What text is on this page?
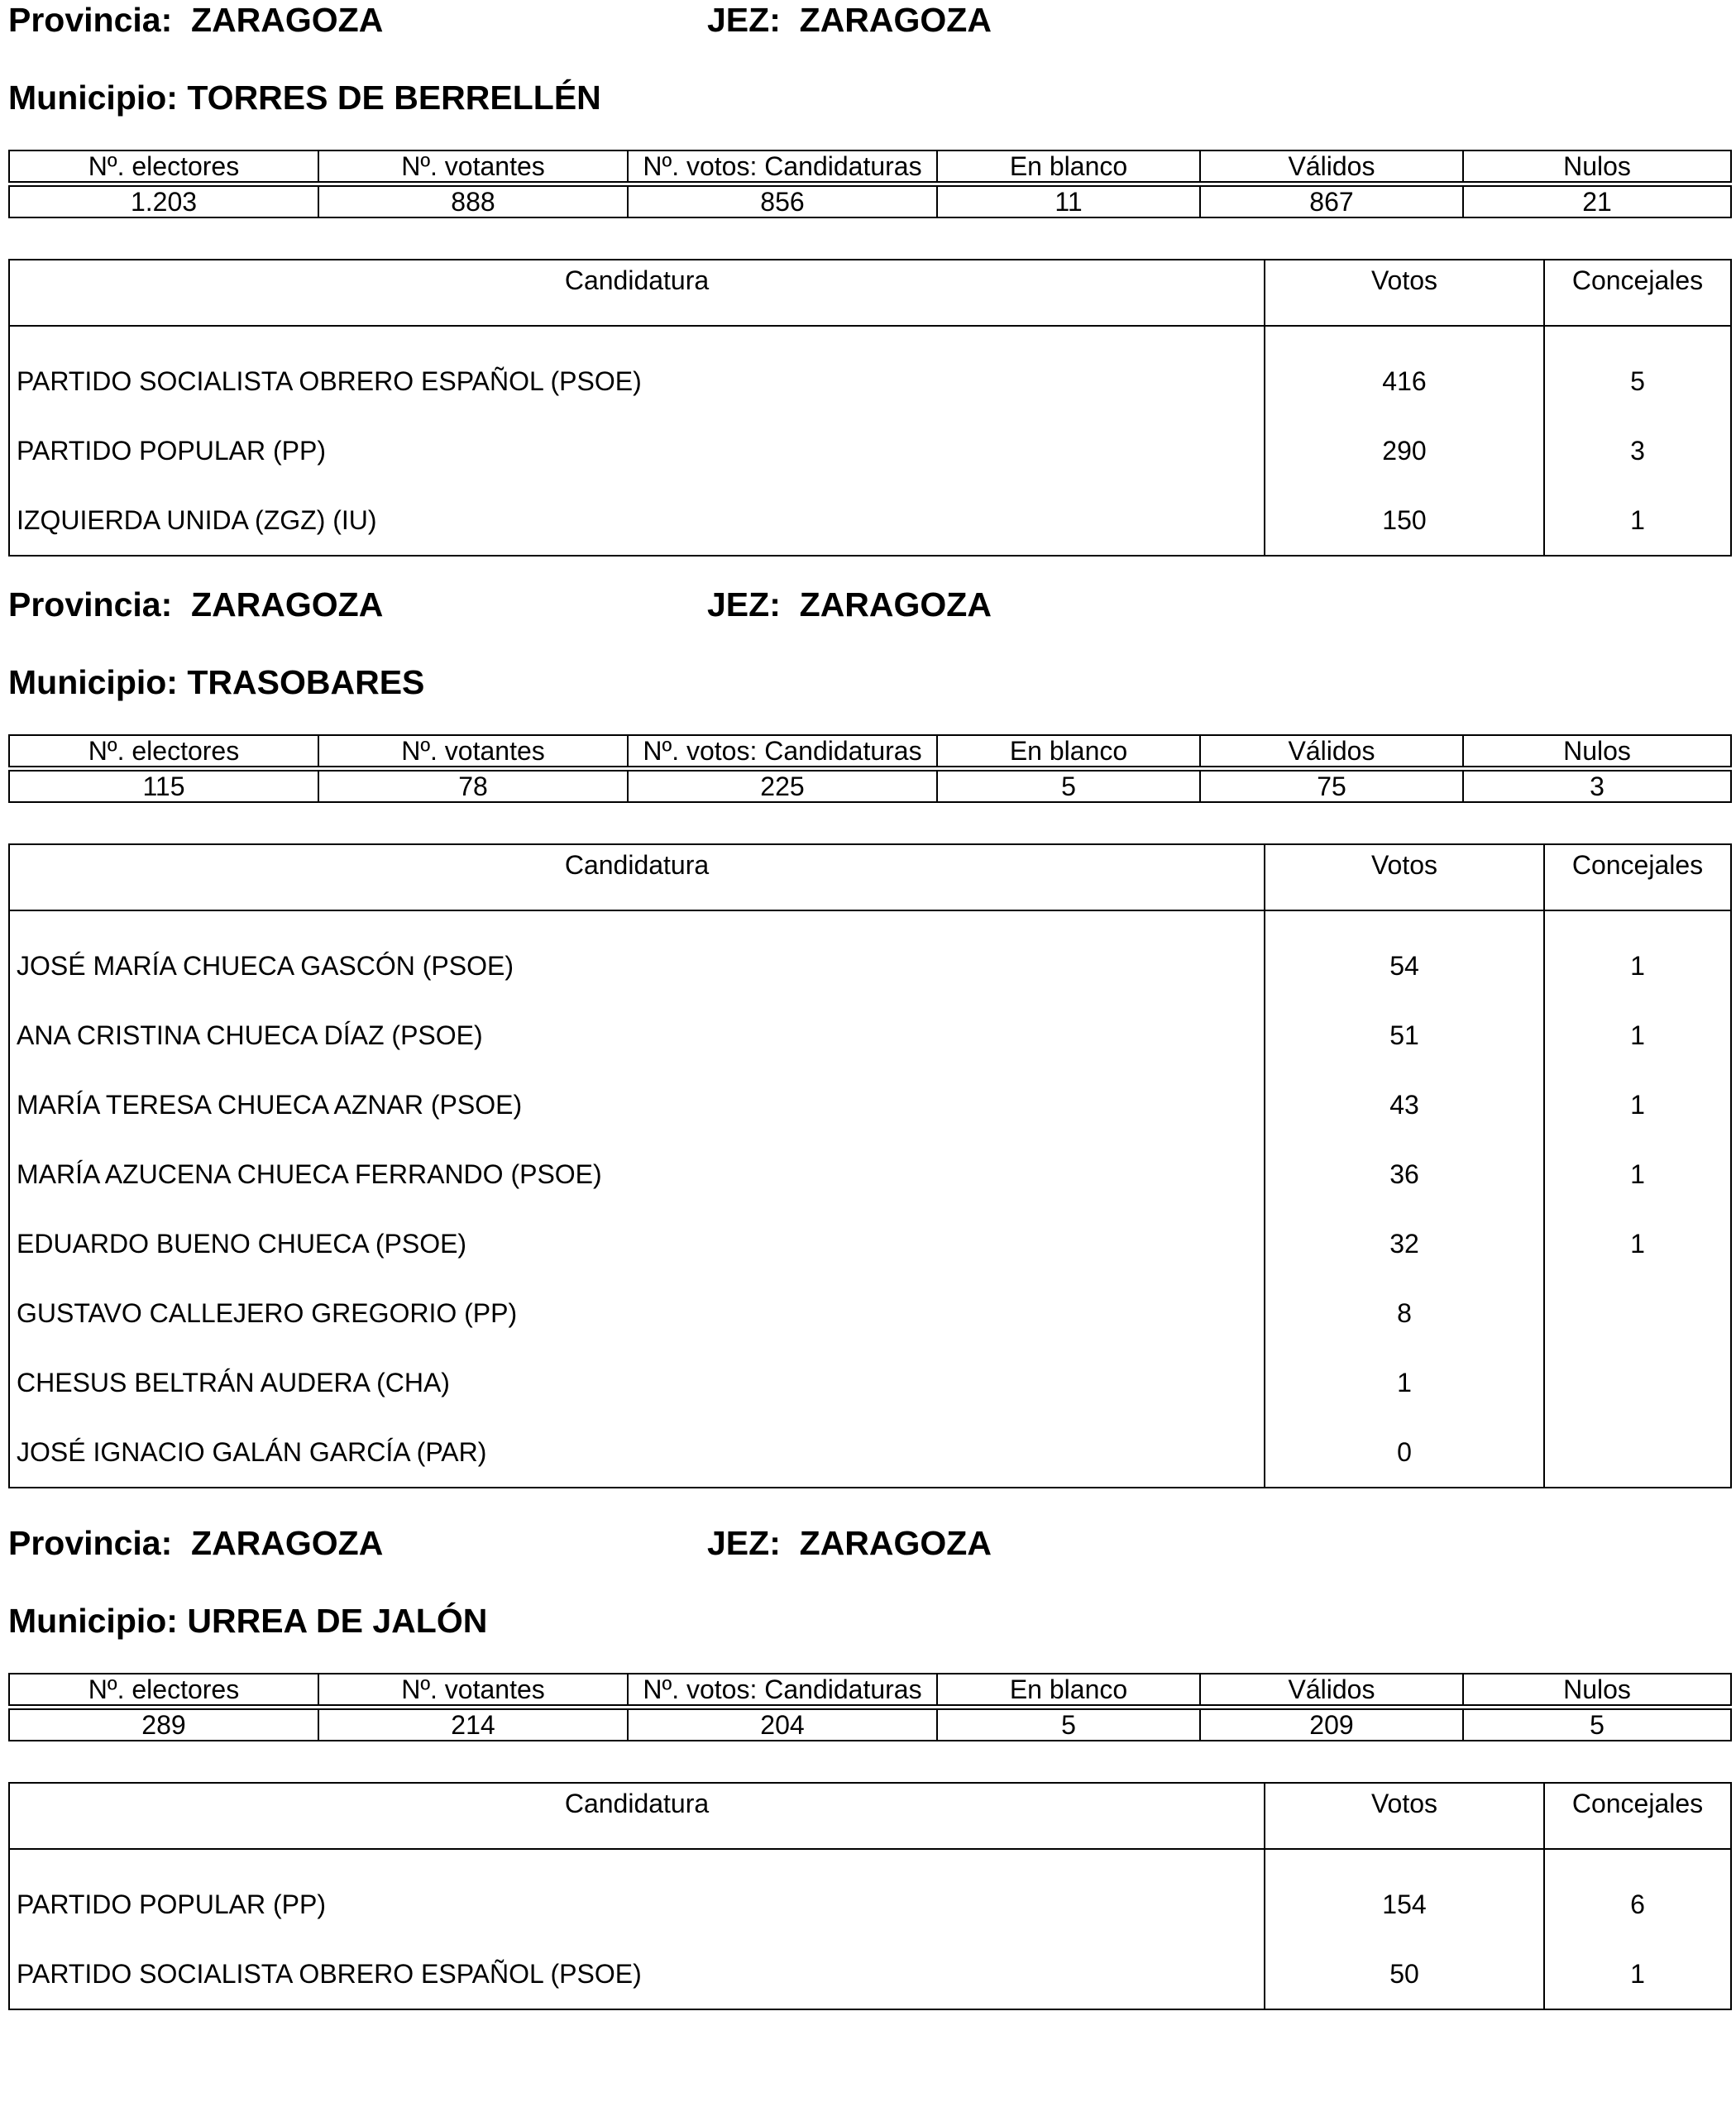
Provincia: ZARAGOZA	JEZ: ZARAGOZA
Municipio: TORRES DE BERRELLÉN
Nº. electores	Nº. votantes	Nº. votos: Candidaturas	En blanco	Válidos	Nulos
1.203	888	856	11	867	21
Candidatura	Votos	Concejales
PARTIDO SOCIALISTA OBRERO ESPAÑOL (PSOE)	416	5
PARTIDO POPULAR (PP)	290	3
IZQUIERDA UNIDA (ZGZ) (IU)	150	1
Provincia: ZARAGOZA	JEZ: ZARAGOZA
Municipio: TRASOBARES
Nº. electores	Nº. votantes	Nº. votos: Candidaturas	En blanco	Válidos	Nulos
115	78	225	5	75	3
Candidatura	Votos	Concejales
JOSÉ MARÍA CHUECA GASCÓN (PSOE)	54	1
ANA CRISTINA CHUECA DÍAZ (PSOE)	51	1
MARÍA TERESA CHUECA AZNAR (PSOE)	43	1
MARÍA AZUCENA CHUECA FERRANDO (PSOE)	36	1
EDUARDO BUENO CHUECA (PSOE)	32	1
GUSTAVO CALLEJERO GREGORIO (PP)	8	
CHESUS BELTRÁN AUDERA (CHA)	1	
JOSÉ IGNACIO GALÁN GARCÍA (PAR)	0	
Provincia: ZARAGOZA	JEZ: ZARAGOZA
Municipio: URREA DE JALÓN
Nº. electores	Nº. votantes	Nº. votos: Candidaturas	En blanco	Válidos	Nulos
289	214	204	5	209	5
Candidatura	Votos	Concejales
PARTIDO POPULAR (PP)	154	6
PARTIDO SOCIALISTA OBRERO ESPAÑOL (PSOE)	50	1
